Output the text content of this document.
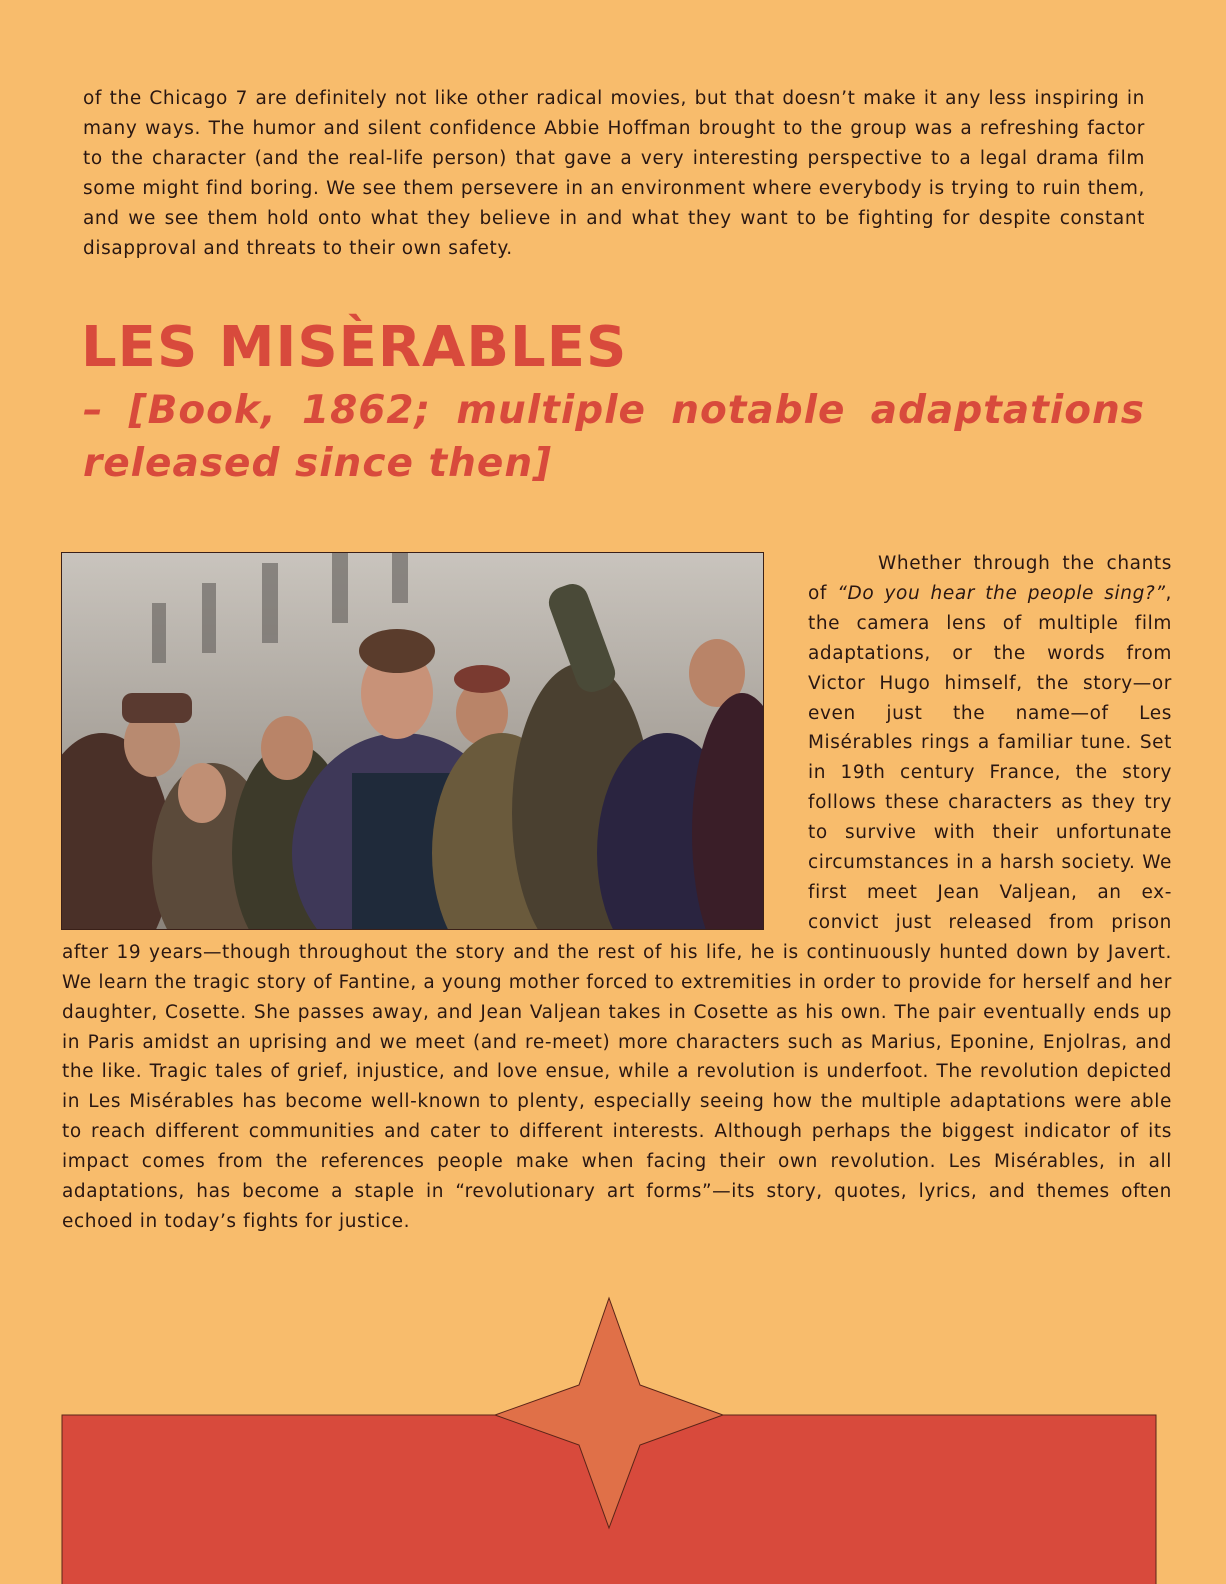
of the Chicago 7 are definitely not like other radical movies, but that doesn’t make it any less inspiring in many ways. The humor and silent confidence Abbie Hoffman brought to the group was a refreshing factor to the character (and the real-life person) that gave a very interesting perspective to a legal drama film some might find boring. We see them persevere in an environment where everybody is trying to ruin them, and we see them hold onto what they believe in and what they want to be fighting for despite constant disapproval and threats to their own safety.

LES MISÈRABLES
– [Book, 1862; multiple notable adaptations released since then]

Whether through the chants of “Do you hear the people sing?”, the camera lens of multiple film adaptations, or the words from Victor Hugo himself, the story—or even just the name—of Les Misérables rings a familiar tune. Set in 19th century France, the story follows these characters as they try to survive with their unfortunate circumstances in a harsh society. We first meet Jean Valjean, an ex-convict just released from prison after 19 years—though throughout the story and the rest of his life, he is continuously hunted down by Javert. We learn the tragic story of Fantine, a young mother forced to extremities in order to provide for herself and her daughter, Cosette. She passes away, and Jean Valjean takes in Cosette as his own. The pair eventually ends up in Paris amidst an uprising and we meet (and re-meet) more characters such as Marius, Eponine, Enjolras, and the like. Tragic tales of grief, injustice, and love ensue, while a revolution is underfoot. The revolution depicted in Les Misérables has become well-known to plenty, especially seeing how the multiple adaptations were able to reach different communities and cater to different interests. Although perhaps the biggest indicator of its impact comes from the references people make when facing their own revolution. Les Misérables, in all adaptations, has become a staple in “revolutionary art forms”—its story, quotes, lyrics, and themes often echoed in today’s fights for justice.
